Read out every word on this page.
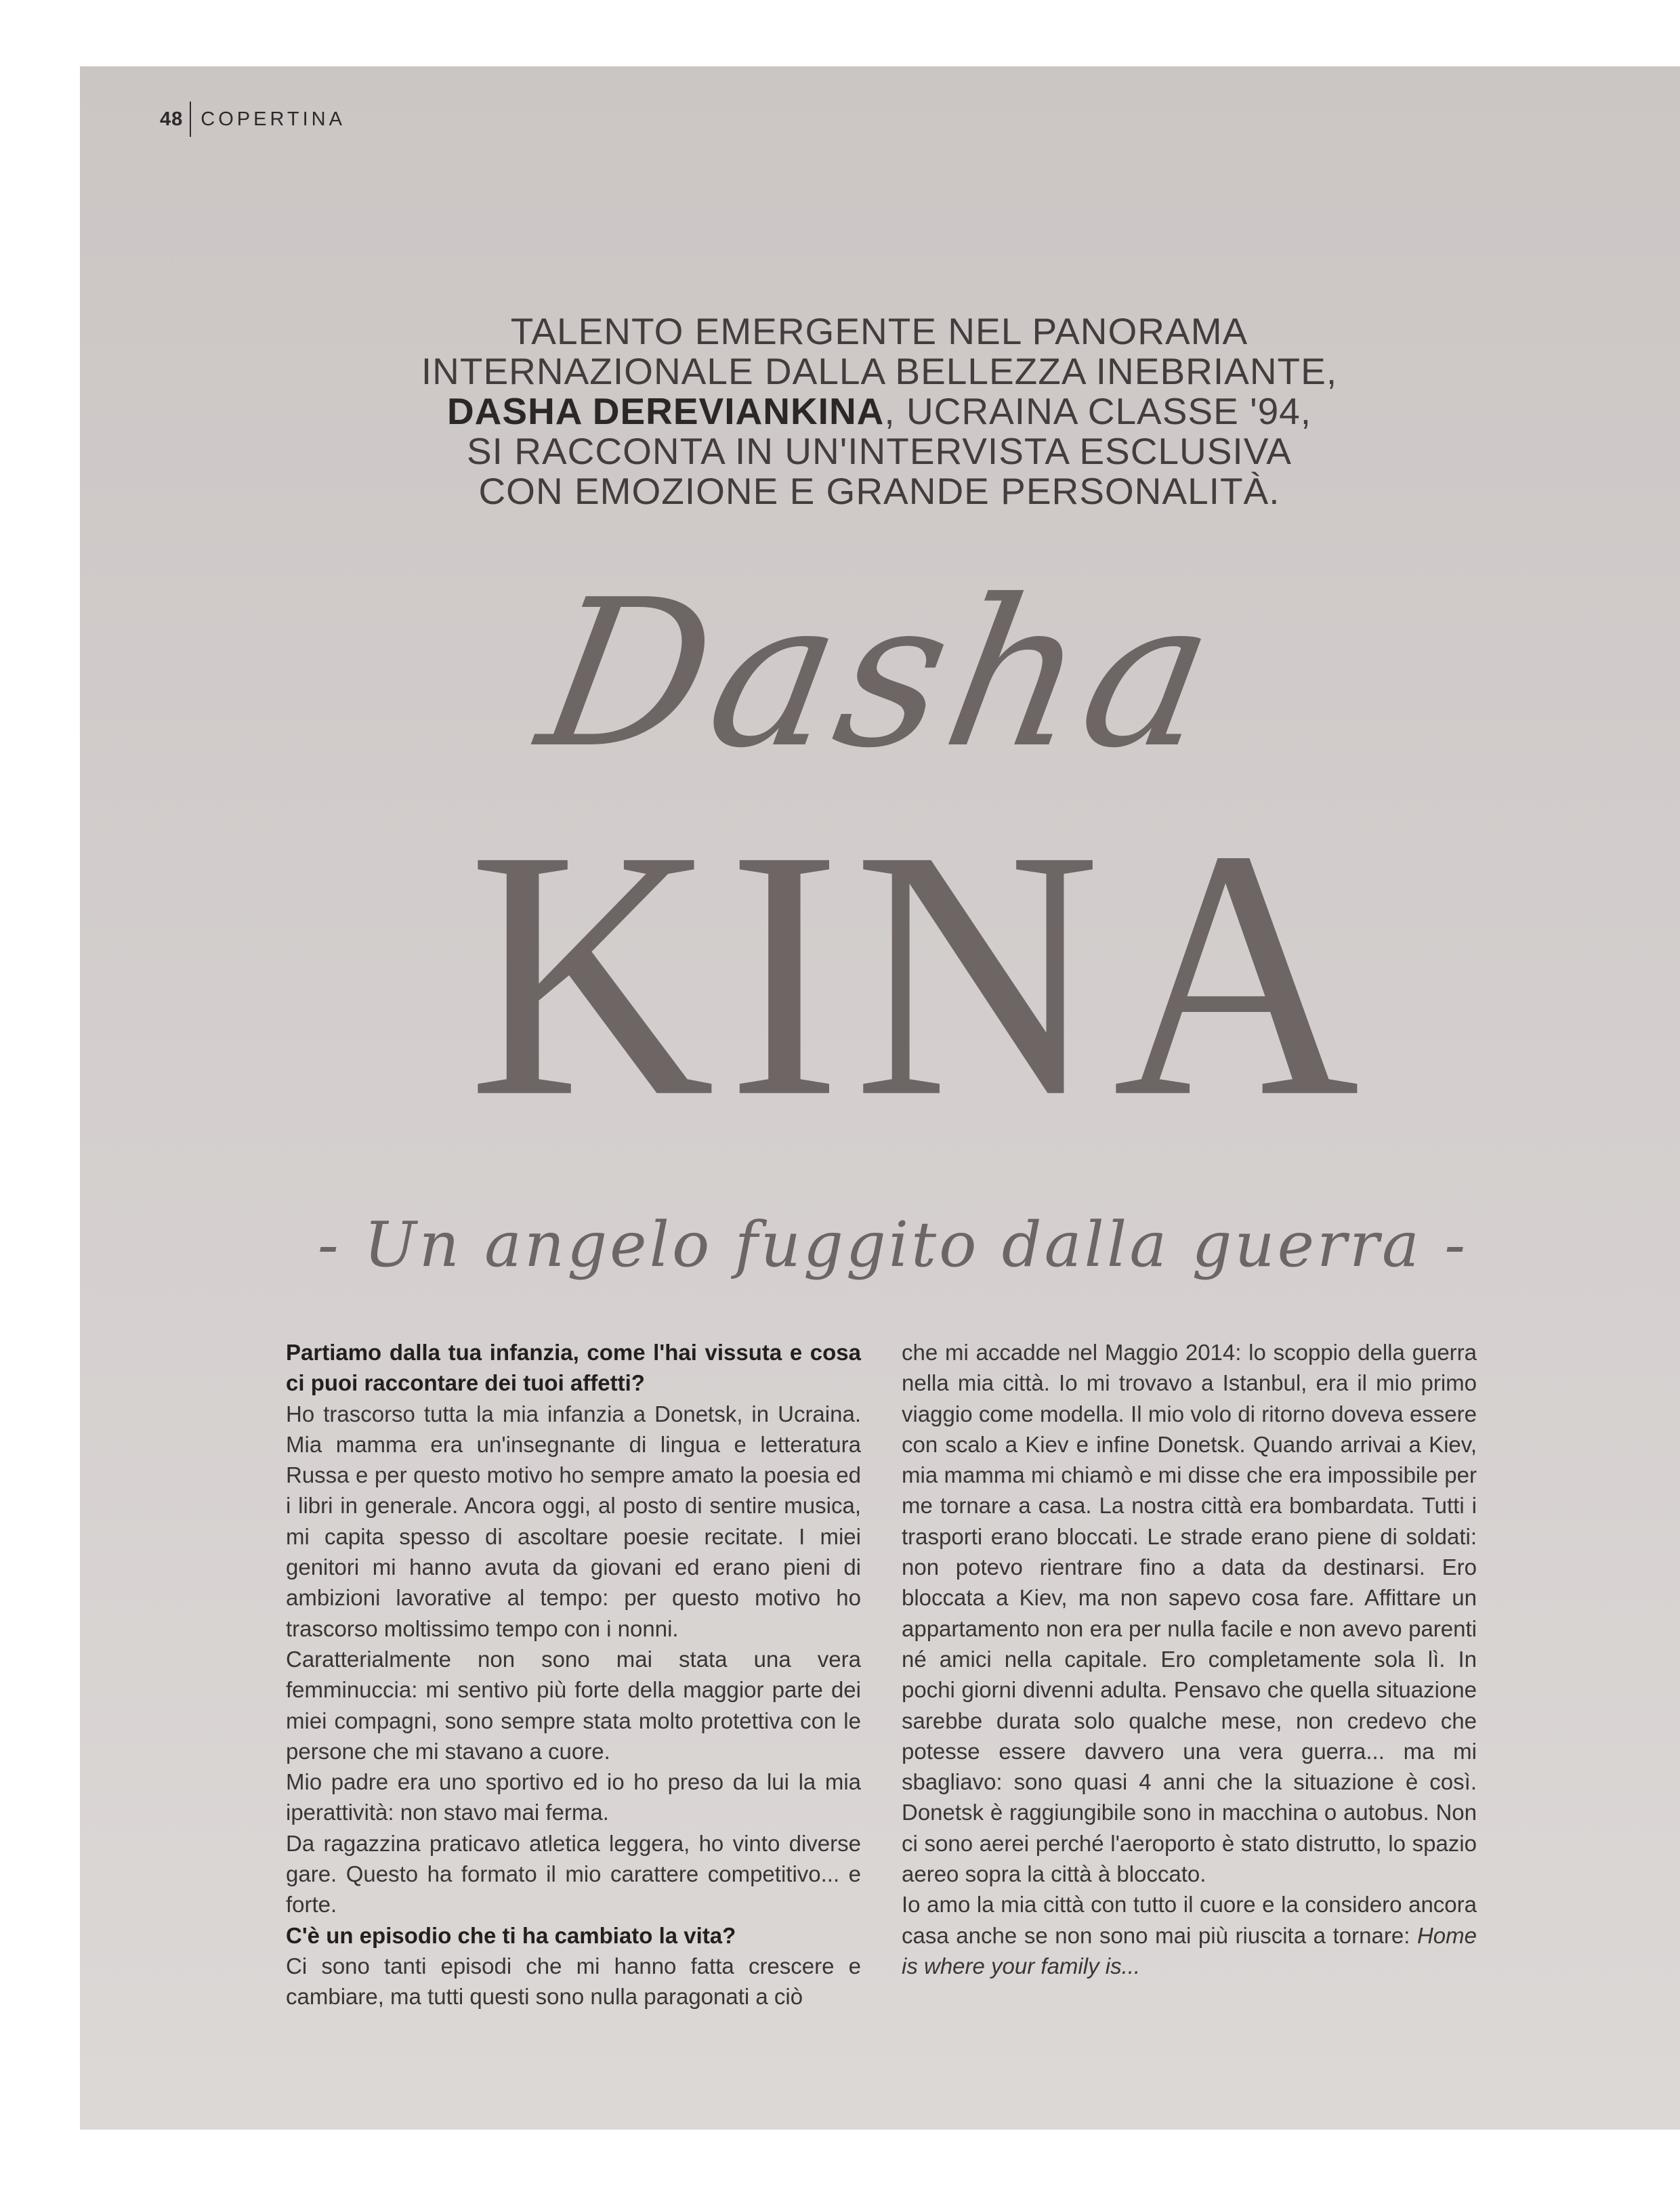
48 COPERTINA
TALENTO EMERGENTE NEL PANORAMA
INTERNAZIONALE DALLA BELLEZZA INEBRIANTE,
DASHA DEREVIANKINA, UCRAINA CLASSE '94,
SI RACCONTA IN UN'INTERVISTA ESCLUSIVA
CON EMOZIONE E GRANDE PERSONALITÀ.
Dasha
KINA
- Un angelo fuggito dalla guerra -

Partiamo dalla tua infanzia, come l'hai vissuta e cosa ci puoi raccontare dei tuoi affetti?

Ho trascorso tutta la mia infanzia a Donetsk, in Ucraina. Mia mamma era un'insegnante di lingua e letteratura Russa e per questo motivo ho sempre amato la poesia ed i libri in generale. Ancora oggi, al posto di sentire musica, mi capita spesso di ascoltare poesie recitate. I miei genitori mi hanno avuta da giovani ed erano pieni di ambizioni lavorative al tempo: per questo motivo ho trascorso moltissimo tempo con i nonni.

Caratterialmente non sono mai stata una vera femminuccia: mi sentivo più forte della maggior parte dei miei compagni, sono sempre stata molto protettiva con le persone che mi stavano a cuore.

Mio padre era uno sportivo ed io ho preso da lui la mia iperattività: non stavo mai ferma.

Da ragazzina praticavo atletica leggera, ho vinto diverse gare. Questo ha formato il mio carattere competitivo... e forte.

C'è un episodio che ti ha cambiato la vita?

Ci sono tanti episodi che mi hanno fatta crescere e cambiare, ma tutti questi sono nulla paragonati a ciò

che mi accadde nel Maggio 2014: lo scoppio della guerra nella mia città. Io mi trovavo a Istanbul, era il mio primo viaggio come modella. Il mio volo di ritorno doveva essere con scalo a Kiev e infine Donetsk. Quando arrivai a Kiev, mia mamma mi chiamò e mi disse che era impossibile per me tornare a casa. La nostra città era bombardata. Tutti i trasporti erano bloccati. Le strade erano piene di soldati: non potevo rientrare fino a data da destinarsi. Ero bloccata a Kiev, ma non sapevo cosa fare. Affittare un appartamento non era per nulla facile e non avevo parenti né amici nella capitale. Ero completamente sola lì. In pochi giorni divenni adulta. Pensavo che quella situazione sarebbe durata solo qualche mese, non credevo che potesse essere davvero una vera guerra... ma mi sbagliavo: sono quasi 4 anni che la situazione è così. Donetsk è raggiungibile sono in macchina o autobus. Non ci sono aerei perché l'aeroporto è stato distrutto, lo spazio aereo sopra la città à bloccato.

Io amo la mia città con tutto il cuore e la considero ancora casa anche se non sono mai più riuscita a tornare: Home is where your family is...
